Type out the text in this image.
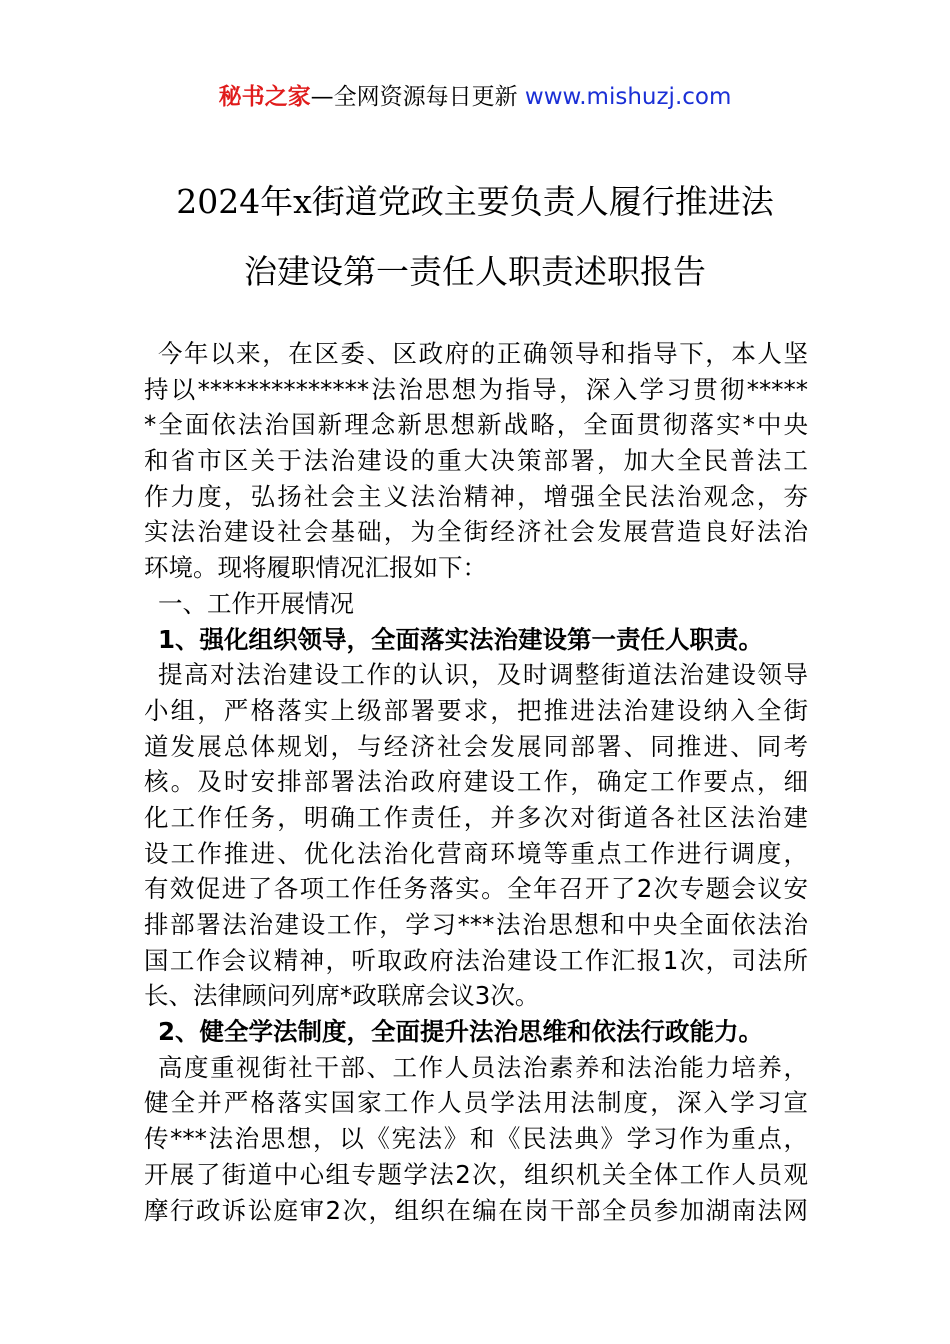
秘书之家—全网资源每日更新 www.mishuzj.com
2024年x街道党政主要负责人履行推进法
治建设第一责任人职责述职报告
今年以来，在区委、区政府的正确领导和指导下，本人坚
持以**************法治思想为指导，深入学习贯彻*****
*全面依法治国新理念新思想新战略，全面贯彻落实*中央
和省市区关于法治建设的重大决策部署，加大全民普法工
作力度，弘扬社会主义法治精神，增强全民法治观念，夯
实法治建设社会基础，为全街经济社会发展营造良好法治
环境。现将履职情况汇报如下：
一、工作开展情况
1、强化组织领导，全面落实法治建设第一责任人职责。
提高对法治建设工作的认识，及时调整街道法治建设领导
小组，严格落实上级部署要求，把推进法治建设纳入全街
道发展总体规划，与经济社会发展同部署、同推进、同考
核。及时安排部署法治政府建设工作，确定工作要点，细
化工作任务，明确工作责任，并多次对街道各社区法治建
设工作推进、优化法治化营商环境等重点工作进行调度，
有效促进了各项工作任务落实。全年召开了2次专题会议安
排部署法治建设工作，学习***法治思想和中央全面依法治
国工作会议精神，听取政府法治建设工作汇报1次，司法所
长、法律顾问列席*政联席会议3次。
2、健全学法制度，全面提升法治思维和依法行政能力。
高度重视街社干部、工作人员法治素养和法治能力培养，
健全并严格落实国家工作人员学法用法制度，深入学习宣
传***法治思想，以《宪法》和《民法典》学习作为重点，
开展了街道中心组专题学法2次，组织机关全体工作人员观
摩行政诉讼庭审2次，组织在编在岗干部全员参加湖南法网
